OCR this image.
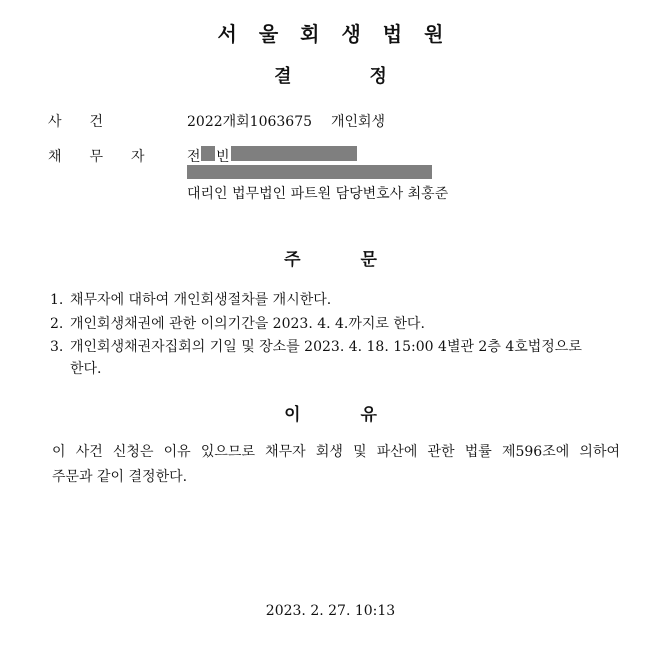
서울회생법원
결정
사건	2022개회1063675 개인회생
채무자 전 빈
대리인 법무법인 파트원 담당변호사 최홍준
주문
1. 채무자에 대하여 개인회생절차를 개시한다.
2. 개인회생채권에 관한 이의기간을 2023. 4. 4.까지로 한다.
3. 개인회생채권자집회의 기일 및 장소를 2023. 4. 18. 15:00 4별관 2층 4호법정으로
한다.
이유
이 사건 신청은 이유 있으므로 채무자 회생 및 파산에 관한 법률 제596조에 의하여
주문과 같이 결정한다.
2023. 2. 27. 10:13
